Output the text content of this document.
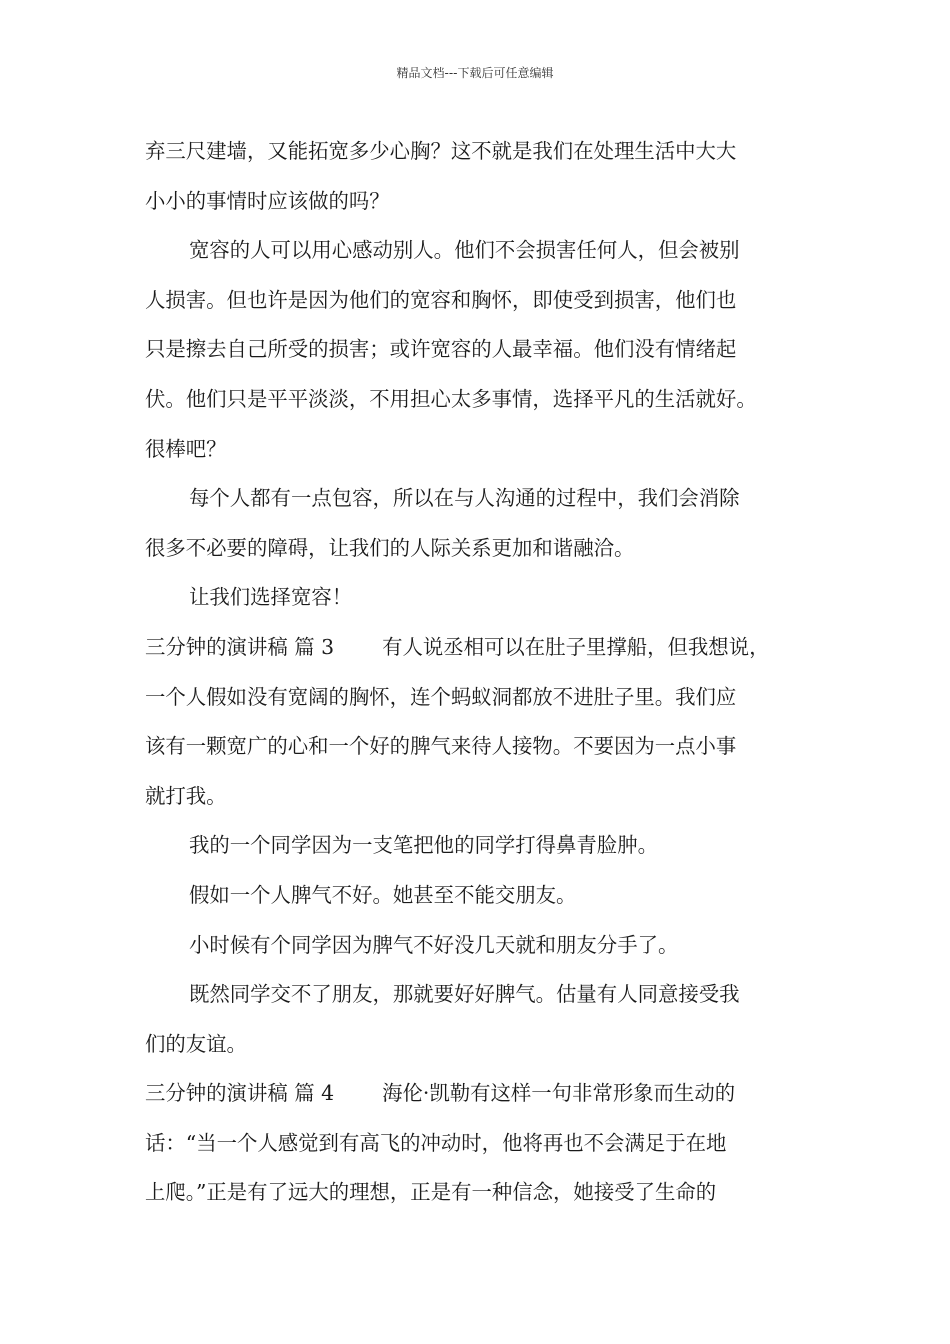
精品文档---下载后可任意编辑
弃三尺建墙，又能拓宽多少心胸？这不就是我们在处理生活中大大
小小的事情时应该做的吗？
宽容的人可以用心感动别人。他们不会损害任何人，但会被别
人损害。但也许是因为他们的宽容和胸怀，即使受到损害，他们也
只是擦去自己所受的损害；或许宽容的人最幸福。他们没有情绪起
伏。他们只是平平淡淡，不用担心太多事情，选择平凡的生活就好。
很棒吧？
每个人都有一点包容，所以在与人沟通的过程中，我们会消除
很多不必要的障碍，让我们的人际关系更加和谐融洽。
让我们选择宽容！
三分钟的演讲稿 篇 3 有人说丞相可以在肚子里撑船，但我想说，
一个人假如没有宽阔的胸怀，连个蚂蚁洞都放不进肚子里。我们应
该有一颗宽广的心和一个好的脾气来待人接物。不要因为一点小事
就打我。
我的一个同学因为一支笔把他的同学打得鼻青脸肿。
假如一个人脾气不好。她甚至不能交朋友。
小时候有个同学因为脾气不好没几天就和朋友分手了。
既然同学交不了朋友，那就要好好脾气。估量有人同意接受我
们的友谊。
三分钟的演讲稿 篇 4 海伦·凯勒有这样一句非常形象而生动的
话：“当一个人感觉到有高飞的冲动时，他将再也不会满足于在地
上爬。”正是有了远大的理想，正是有一种信念，她接受了生命的
